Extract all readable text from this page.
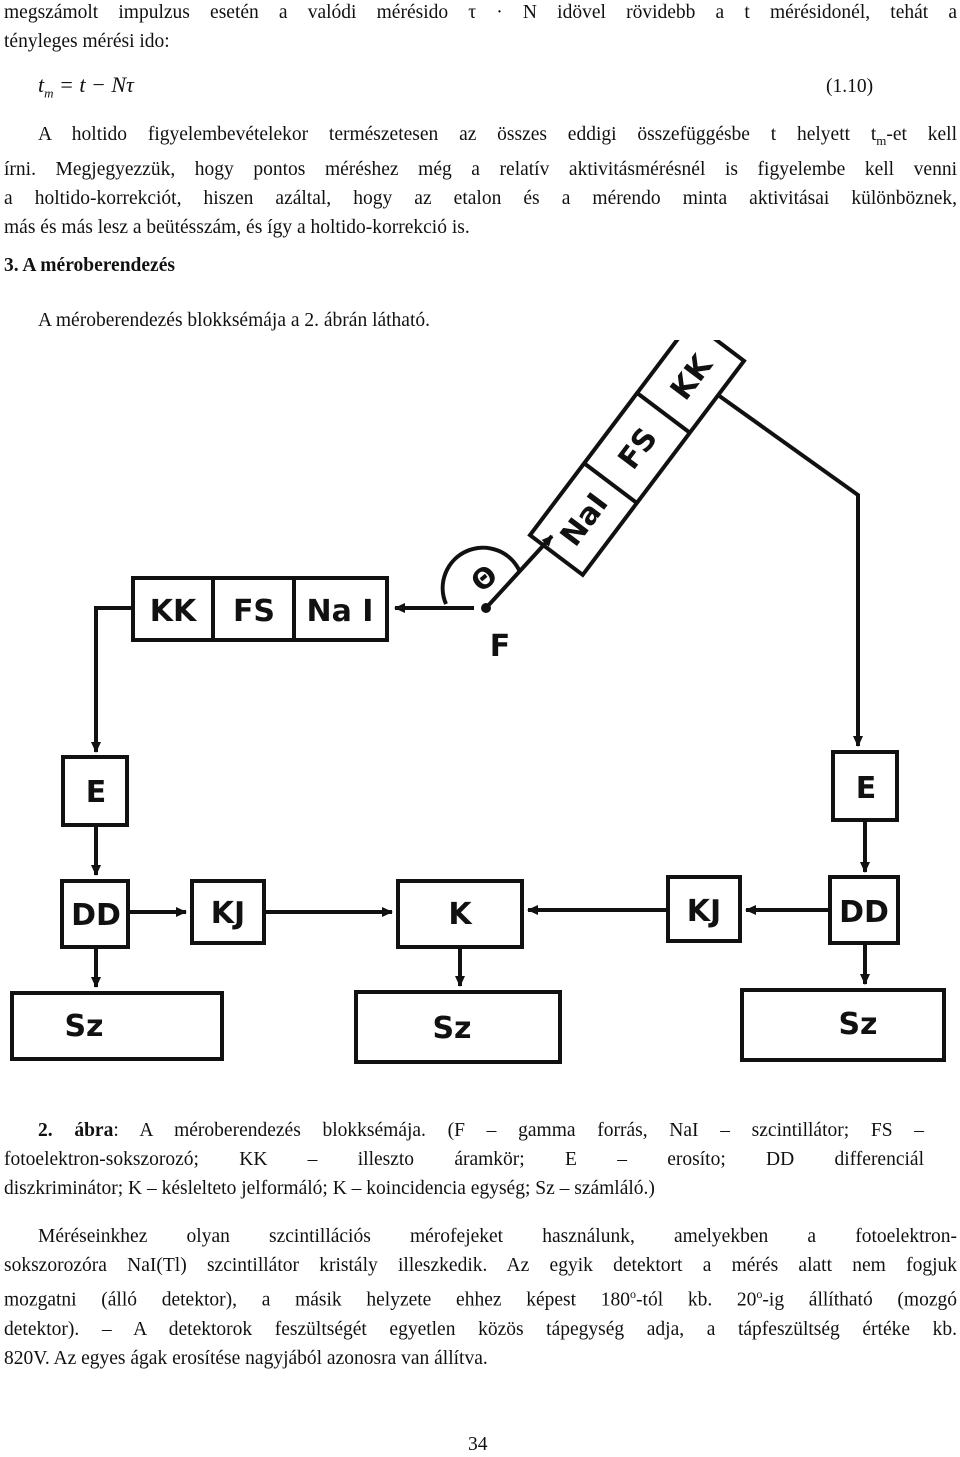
megszámolt impulzus esetén a valódi mérésido τ · N idövel rövidebb a t mérésidonél, tehát a
tényleges mérési ido:
$t_m = t - N\tau$	(1.10)
A holtido figyelembevételekor természetesen az összes eddigi összefüggésbe t helyett $t_m-et$ kell
írni. Megjegyezzük, hogy pontos méréshez még a relatív aktivitásmérésnél is figyelembe kell venni
a holtido-korrekciót, hiszen azáltal, hogy az etalon és a mérendo minta aktivitásai különböznek,
más és más lesz a beütésszám, és így a holtido-korrekció is.
3. A méroberendezés
A méroberendezés blokksémája a 2. ábrán látható.
KK FS Na I
NaI
FS
KK
Θ
F
E	E
DD	KJ	K	KJ	DD
Sz	Sz	Sz
2. ábra: A méroberendezés blokksémája. (F – gamma forrás, NaI – szcintillátor; FS –
fotoelektron-sokszorozó; KK – illeszto áramkör; E – erosíto; DD differenciál
diszkriminátor; K – késlelteto jelformáló; K – koincidencia egység; Sz – számláló.)
Méréseinkhez olyan szcintillációs mérofejeket használunk, amelyekben a fotoelektron-
sokszorozóra NaI(Tl) szcintillátor kristály illeszkedik. Az egyik detektort a mérés alatt nem fogjuk
mozgatni (álló detektor), a másik helyzete ehhez képest 180$^o$-tól kb. 20$^o$-ig állítható (mozgó
detektor). – A detektorok feszültségét egyetlen közös tápegység adja, a tápfeszültség értéke kb.
820V. Az egyes ágak erosítése nagyjából azonosra van állítva.
34
